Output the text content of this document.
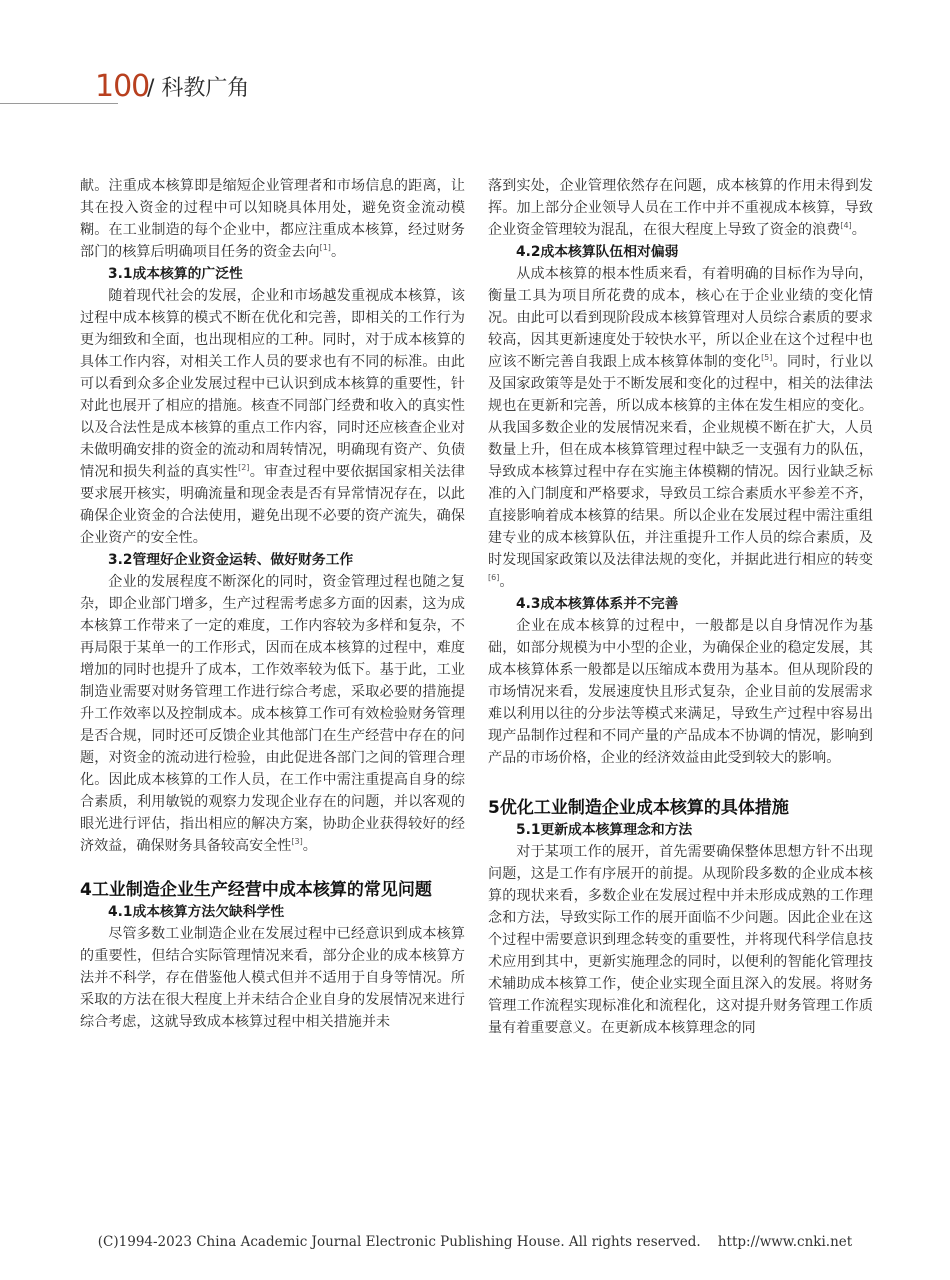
100
/ 科教广角

献。注重成本核算即是缩短企业管理者和市场信息的距离，让其在投入资金的过程中可以知晓具体用处，避免资金流动模糊。在工业制造的每个企业中，都应注重成本核算，经过财务部门的核算后明确项目任务的资金去向[1]。

3.1成本核算的广泛性

随着现代社会的发展，企业和市场越发重视成本核算，该过程中成本核算的模式不断在优化和完善，即相关的工作行为更为细致和全面，也出现相应的工种。同时，对于成本核算的具体工作内容，对相关工作人员的要求也有不同的标准。由此可以看到众多企业发展过程中已认识到成本核算的重要性，针对此也展开了相应的措施。核查不同部门经费和收入的真实性以及合法性是成本核算的重点工作内容，同时还应核查企业对未做明确安排的资金的流动和周转情况，明确现有资产、负债情况和损失利益的真实性[2]。审查过程中要依据国家相关法律要求展开核实，明确流量和现金表是否有异常情况存在，以此确保企业资金的合法使用，避免出现不必要的资产流失，确保企业资产的安全性。

3.2管理好企业资金运转、做好财务工作

企业的发展程度不断深化的同时，资金管理过程也随之复杂，即企业部门增多，生产过程需考虑多方面的因素，这为成本核算工作带来了一定的难度，工作内容较为多样和复杂，不再局限于某单一的工作形式，因而在成本核算的过程中，难度增加的同时也提升了成本，工作效率较为低下。基于此，工业制造业需要对财务管理工作进行综合考虑，采取必要的措施提升工作效率以及控制成本。成本核算工作可有效检验财务管理是否合规，同时还可反馈企业其他部门在生产经营中存在的问题，对资金的流动进行检验，由此促进各部门之间的管理合理化。因此成本核算的工作人员，在工作中需注重提高自身的综合素质，利用敏锐的观察力发现企业存在的问题，并以客观的眼光进行评估，指出相应的解决方案，协助企业获得较好的经济效益，确保财务具备较高安全性[3]。

4工业制造企业生产经营中成本核算的常见问题
4.1成本核算方法欠缺科学性

尽管多数工业制造企业在发展过程中已经意识到成本核算的重要性，但结合实际管理情况来看，部分企业的成本核算方法并不科学，存在借鉴他人模式但并不适用于自身等情况。所采取的方法在很大程度上并未结合企业自身的发展情况来进行综合考虑，这就导致成本核算过程中相关措施并未

落到实处，企业管理依然存在问题，成本核算的作用未得到发挥。加上部分企业领导人员在工作中并不重视成本核算，导致企业资金管理较为混乱，在很大程度上导致了资金的浪费[4]。

4.2成本核算队伍相对偏弱

从成本核算的根本性质来看，有着明确的目标作为导向，衡量工具为项目所花费的成本，核心在于企业业绩的变化情况。由此可以看到现阶段成本核算管理对人员综合素质的要求较高，因其更新速度处于较快水平，所以企业在这个过程中也应该不断完善自我跟上成本核算体制的变化[5]。同时，行业以及国家政策等是处于不断发展和变化的过程中，相关的法律法规也在更新和完善，所以成本核算的主体在发生相应的变化。从我国多数企业的发展情况来看，企业规模不断在扩大，人员数量上升，但在成本核算管理过程中缺乏一支强有力的队伍，导致成本核算过程中存在实施主体模糊的情况。因行业缺乏标准的入门制度和严格要求，导致员工综合素质水平参差不齐，直接影响着成本核算的结果。所以企业在发展过程中需注重组建专业的成本核算队伍，并注重提升工作人员的综合素质，及时发现国家政策以及法律法规的变化，并据此进行相应的转变[6]。

4.3成本核算体系并不完善

企业在成本核算的过程中，一般都是以自身情况作为基础，如部分规模为中小型的企业，为确保企业的稳定发展，其成本核算体系一般都是以压缩成本费用为基本。但从现阶段的市场情况来看，发展速度快且形式复杂，企业目前的发展需求难以利用以往的分步法等模式来满足，导致生产过程中容易出现产品制作过程和不同产量的产品成本不协调的情况，影响到产品的市场价格，企业的经济效益由此受到较大的影响。

5优化工业制造企业成本核算的具体措施
5.1更新成本核算理念和方法

对于某项工作的展开，首先需要确保整体思想方针不出现问题，这是工作有序展开的前提。从现阶段多数的企业成本核算的现状来看，多数企业在发展过程中并未形成成熟的工作理念和方法，导致实际工作的展开面临不少问题。因此企业在这个过程中需要意识到理念转变的重要性，并将现代科学信息技术应用到其中，更新实施理念的同时，以便利的智能化管理技术辅助成本核算工作，使企业实现全面且深入的发展。将财务管理工作流程实现标准化和流程化，这对提升财务管理工作质量有着重要意义。在更新成本核算理念的同

(C)1994-2023 China Academic Journal Electronic Publishing House. All rights reserved. http://www.cnki.net
